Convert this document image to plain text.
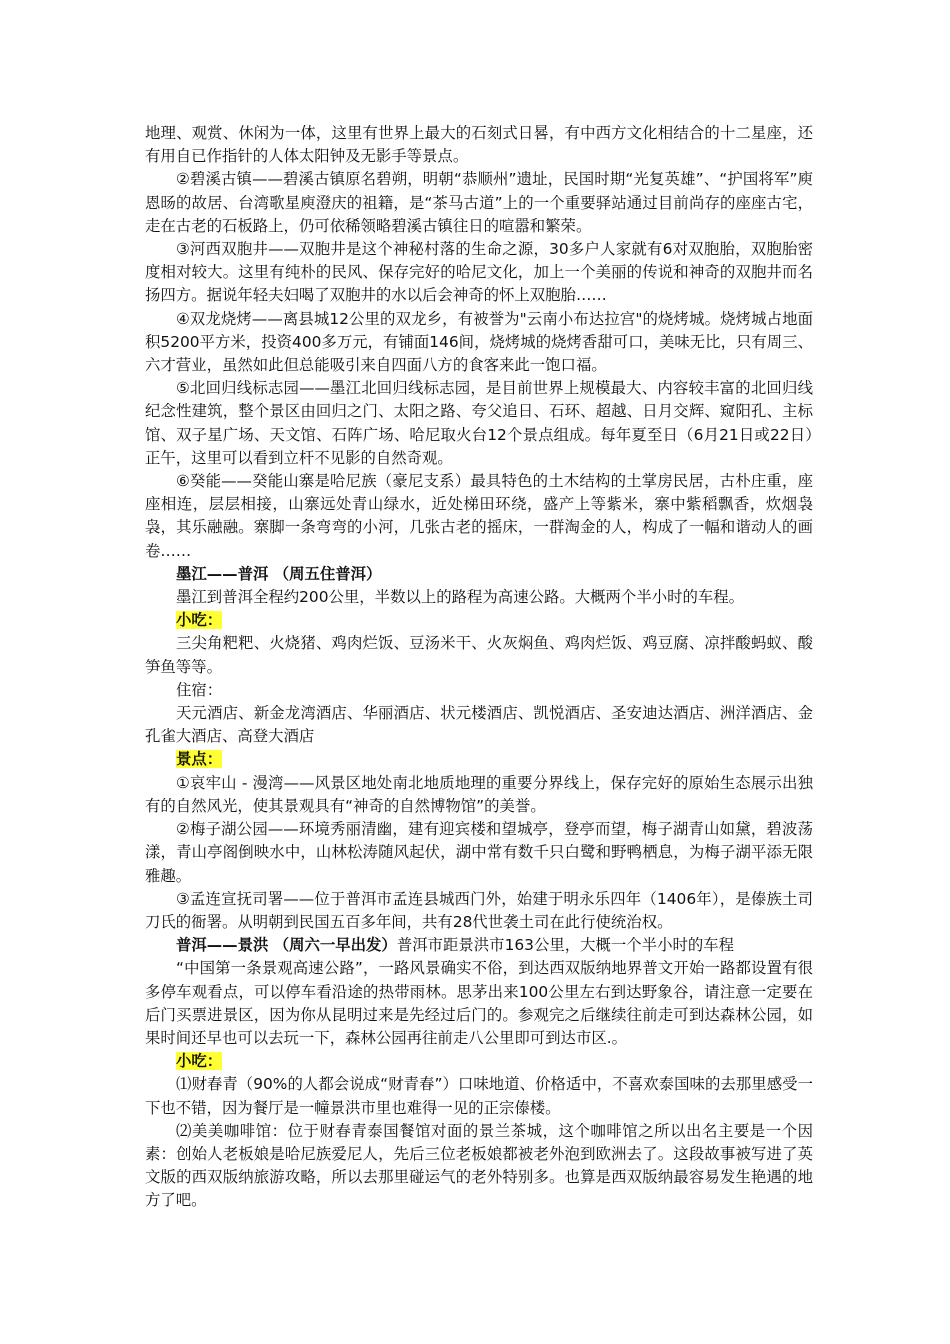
地理、观赏、休闲为一体，这里有世界上最大的石刻式日晷，有中西方文化相结合的十二星座，还有用自已作指针的人体太阳钟及无影手等景点。

②碧溪古镇——碧溪古镇原名碧朔，明朝“恭顺州”遗址，民国时期“光复英雄”、“护国将军”庾恩旸的故居、台湾歌星庾澄庆的祖籍，是“茶马古道”上的一个重要驿站通过目前尚存的座座古宅，走在古老的石板路上，仍可依稀领略碧溪古镇往日的喧嚣和繁荣。

③河西双胞井——双胞井是这个神秘村落的生命之源，30多户人家就有6对双胞胎，双胞胎密度相对较大。这里有纯朴的民风、保存完好的哈尼文化，加上一个美丽的传说和神奇的双胞井而名扬四方。据说年轻夫妇喝了双胞井的水以后会神奇的怀上双胞胎……

④双龙烧烤——离县城12公里的双龙乡，有被誉为"云南小布达拉宫"的烧烤城。烧烤城占地面积5200平方米，投资400多万元，有铺面146间，烧烤城的烧烤香甜可口，美味无比，只有周三、六才营业，虽然如此但总能吸引来自四面八方的食客来此一饱口福。

⑤北回归线标志园——墨江北回归线标志园，是目前世界上规模最大、内容较丰富的北回归线纪念性建筑，整个景区由回归之门、太阳之路、夸父追日、石环、超越、日月交辉、窥阳孔、主标馆、双子星广场、天文馆、石阵广场、哈尼取火台12个景点组成。每年夏至日（6月21日或22日）正午，这里可以看到立杆不见影的自然奇观。

⑥癸能——癸能山寨是哈尼族（豪尼支系）最具特色的土木结构的土掌房民居，古朴庄重，座座相连，层层相接，山寨远处青山绿水，近处梯田环绕，盛产上等紫米，寨中紫稻飘香，炊烟袅袅，其乐融融。寨脚一条弯弯的小河，几张古老的摇床，一群淘金的人，构成了一幅和谐动人的画卷……

墨江——普洱 （周五住普洱）

墨江到普洱全程约200公里，半数以上的路程为高速公路。大概两个半小时的车程。

小吃：

三尖角粑粑、火烧猪、鸡肉烂饭、豆汤米干、火灰焖鱼、鸡肉烂饭、鸡豆腐、凉拌酸蚂蚁、酸笋鱼等等。

住宿：

天元酒店、新金龙湾酒店、华丽酒店、状元楼酒店、凯悦酒店、圣安迪达酒店、洲洋酒店、金孔雀大酒店、高登大酒店

景点：

①哀牢山 - 漫湾——风景区地处南北地质地理的重要分界线上，保存完好的原始生态展示出独有的自然风光，使其景观具有“神奇的自然博物馆”的美誉。

②梅子湖公园——环境秀丽清幽，建有迎宾楼和望城亭，登亭而望，梅子湖青山如黛，碧波荡漾，青山亭阁倒映水中，山林松涛随风起伏，湖中常有数千只白鹭和野鸭栖息，为梅子湖平添无限雅趣。

③孟连宣抚司署——位于普洱市孟连县城西门外，始建于明永乐四年（1406年），是傣族土司刀氏的衙署。从明朝到民国五百多年间，共有28代世袭土司在此行使统治权。

普洱——景洪 （周六一早出发）普洱市距景洪市163公里，大概一个半小时的车程

“中国第一条景观高速公路”，一路风景确实不俗，到达西双版纳地界普文开始一路都设置有很多停车观看点，可以停车看沿途的热带雨林。思茅出来100公里左右到达野象谷，请注意一定要在后门买票进景区，因为你从昆明过来是先经过后门的。参观完之后继续往前走可到达森林公园，如果时间还早也可以去玩一下，森林公园再往前走八公里即可到达市区.。

小吃：

⑴财春青（90%的人都会说成“财青春”）口味地道、价格适中，不喜欢泰国味的去那里感受一下也不错，因为餐厅是一幢景洪市里也难得一见的正宗傣楼。

⑵美美咖啡馆：位于财春青泰国餐馆对面的景兰茶城，这个咖啡馆之所以出名主要是一个因素：创始人老板娘是哈尼族爱尼人，先后三位老板娘都被老外泡到欧洲去了。这段故事被写进了英文版的西双版纳旅游攻略，所以去那里碰运气的老外特别多。也算是西双版纳最容易发生艳遇的地方了吧。
